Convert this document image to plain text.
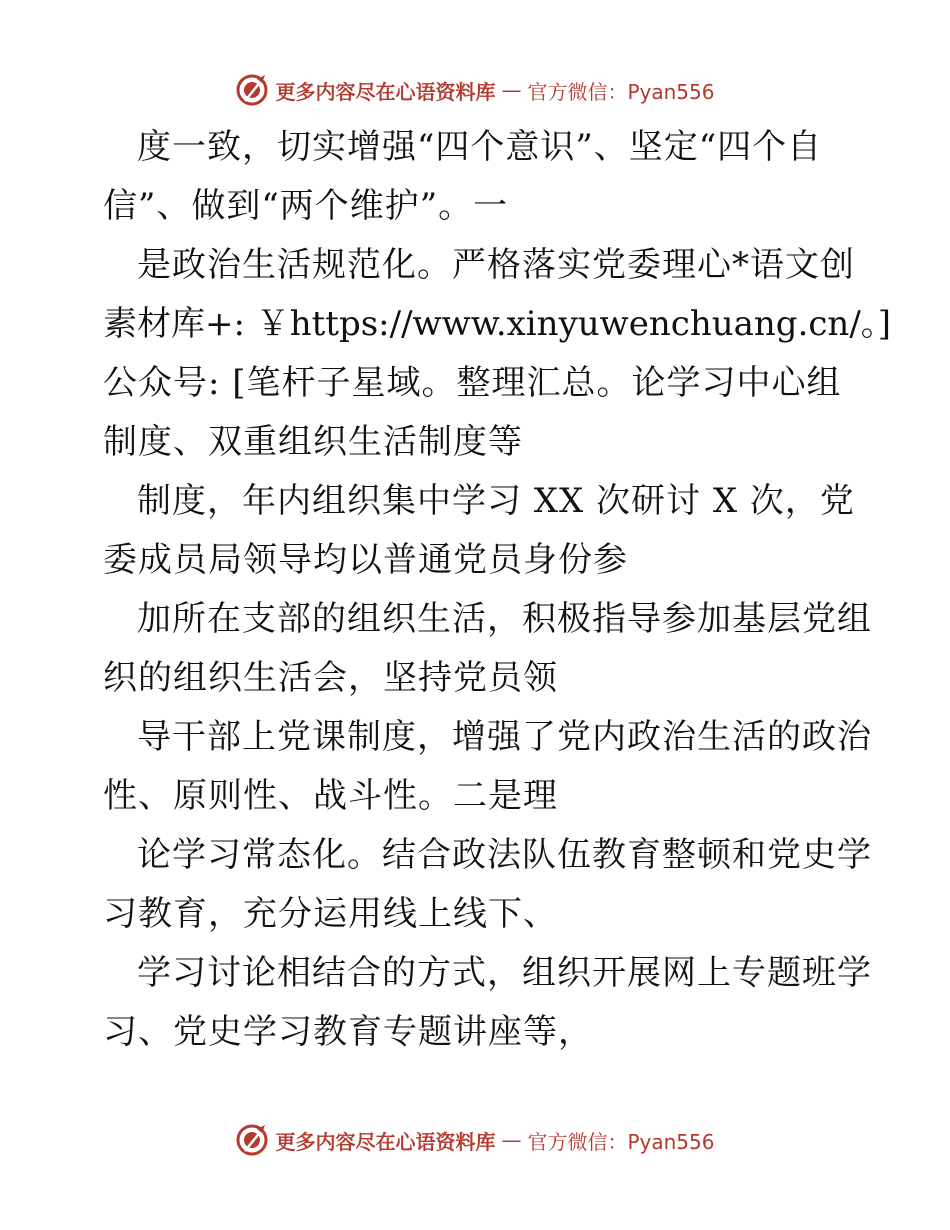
更多内容尽在心语资料库 — 官方微信：Pyan556
度一致，切实增强“四个意识”、坚定“四个自
信”、做到“两个维护”。一
是政治生活规范化。严格落实党委理心*语文创
素材库+: ￥https://www.xinyuwenchuang.cn/。]
公众号: [笔杆子星域。整理汇总。论学习中心组
制度、双重组织生活制度等
制度，年内组织集中学习 XX 次研讨 X 次，党
委成员局领导均以普通党员身份参
加所在支部的组织生活，积极指导参加基层党组
织的组织生活会，坚持党员领
导干部上党课制度，增强了党内政治生活的政治
性、原则性、战斗性。二是理
论学习常态化。结合政法队伍教育整顿和党史学
习教育，充分运用线上线下、
学习讨论相结合的方式，组织开展网上专题班学
习、党史学习教育专题讲座等，
更多内容尽在心语资料库 — 官方微信：Pyan556
